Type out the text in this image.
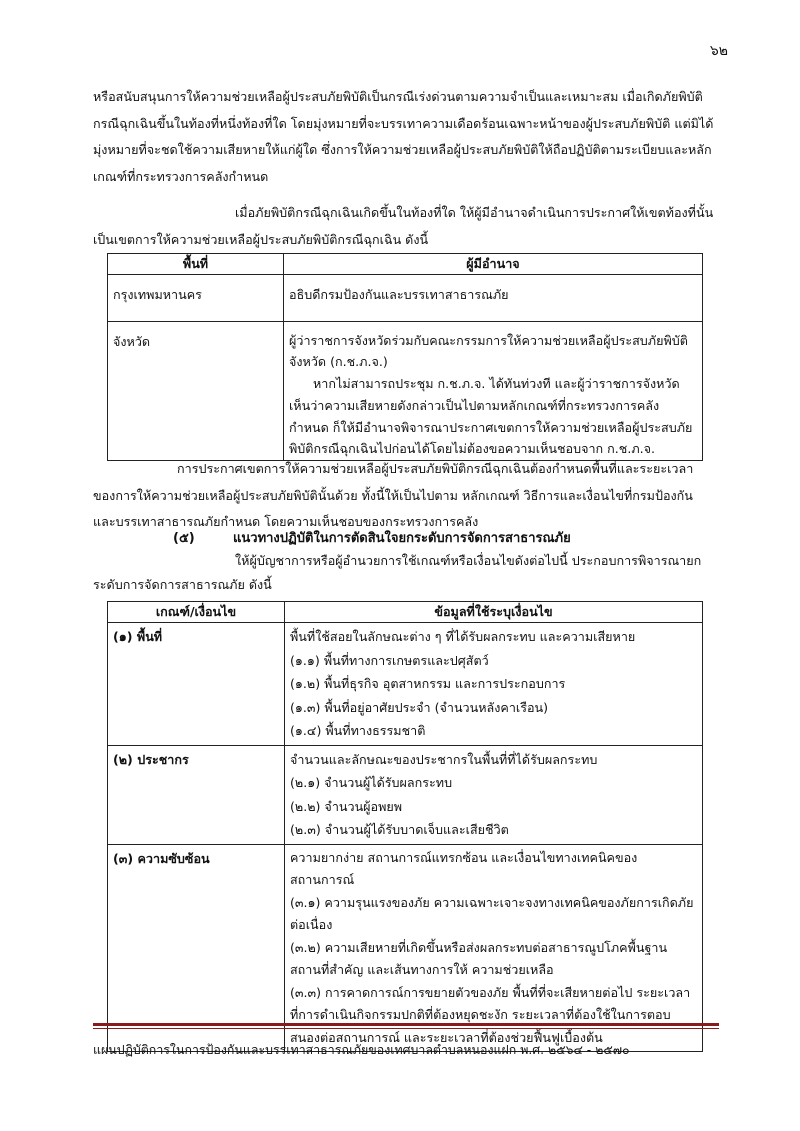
๖๒

หรือสนับสนุนการให้ความช่วยเหลือผู้ประสบภัยพิบัติเป็นกรณีเร่งด่วนตามความจำเป็นและเหมาะสม เมื่อเกิดภัยพิบัติกรณีฉุกเฉินขึ้นในท้องที่หนึ่งท้องที่ใด โดยมุ่งหมายที่จะบรรเทาความเดือดร้อนเฉพาะหน้าของผู้ประสบภัยพิบัติ แต่มิได้มุ่งหมายที่จะชดใช้ความเสียหายให้แก่ผู้ใด ซึ่งการให้ความช่วยเหลือผู้ประสบภัยพิบัติให้ถือปฏิบัติตามระเบียบและหลักเกณฑ์ที่กระทรวงการคลังกำหนด

เมื่อภัยพิบัติกรณีฉุกเฉินเกิดขึ้นในท้องที่ใด ให้ผู้มีอำนาจดำเนินการประกาศให้เขตท้องที่นั้นเป็นเขตการให้ความช่วยเหลือผู้ประสบภัยพิบัติกรณีฉุกเฉิน ดังนี้

พื้นที่	ผู้มีอำนาจ
กรุงเทพมหานคร	อธิบดีกรมป้องกันและบรรเทาสาธารณภัย
จังหวัด	ผู้ว่าราชการจังหวัดร่วมกับคณะกรรมการให้ความช่วยเหลือผู้ประสบภัยพิบัติจังหวัด (ก.ช.ภ.จ.)
หากไม่สามารถประชุม ก.ช.ภ.จ. ได้ทันท่วงที และผู้ว่าราชการจังหวัดเห็นว่าความเสียหายดังกล่าวเป็นไปตามหลักเกณฑ์ที่กระทรวงการคลังกำหนด ก็ให้มีอำนาจพิจารณาประกาศเขตการให้ความช่วยเหลือผู้ประสบภัยพิบัติกรณีฉุกเฉินไปก่อนได้โดยไม่ต้องขอความเห็นชอบจาก ก.ช.ภ.จ.

การประกาศเขตการให้ความช่วยเหลือผู้ประสบภัยพิบัติกรณีฉุกเฉินต้องกำหนดพื้นที่และระยะเวลาของการให้ความช่วยเหลือผู้ประสบภัยพิบัตินั้นด้วย ทั้งนี้ให้เป็นไปตาม หลักเกณฑ์ วิธีการและเงื่อนไขที่กรมป้องกันและบรรเทาสาธารณภัยกำหนด โดยความเห็นชอบของกระทรวงการคลัง

(๕)	แนวทางปฏิบัติในการตัดสินใจยกระดับการจัดการสาธารณภัย

ให้ผู้บัญชาการหรือผู้อำนวยการใช้เกณฑ์หรือเงื่อนไขดังต่อไปนี้ ประกอบการพิจารณายกระดับการจัดการสาธารณภัย ดังนี้

เกณฑ์/เงื่อนไข	ข้อมูลที่ใช้ระบุเงื่อนไข
(๑) พื้นที่	พื้นที่ใช้สอยในลักษณะต่าง ๆ ที่ได้รับผลกระทบ และความเสียหาย
(๑.๑) พื้นที่ทางการเกษตรและปศุสัตว์
(๑.๒) พื้นที่ธุรกิจ อุตสาหกรรม และการประกอบการ
(๑.๓) พื้นที่อยู่อาศัยประจำ (จำนวนหลังคาเรือน)
(๑.๔) พื้นที่ทางธรรมชาติ

(๒) ประชากร	จำนวนและลักษณะของประชากรในพื้นที่ที่ได้รับผลกระทบ
(๒.๑) จำนวนผู้ได้รับผลกระทบ
(๒.๒) จำนวนผู้อพยพ
(๒.๓) จำนวนผู้ได้รับบาดเจ็บและเสียชีวิต

(๓) ความซับซ้อน	ความยากง่าย สถานการณ์แทรกซ้อน และเงื่อนไขทางเทคนิคของสถานการณ์
(๓.๑) ความรุนแรงของภัย ความเฉพาะเจาะจงทางเทคนิคของภัยการเกิดภัยต่อเนื่อง
(๓.๒) ความเสียหายที่เกิดขึ้นหรือส่งผลกระทบต่อสาธารณูปโภคพื้นฐาน สถานที่สำคัญ และเส้นทางการให้ ความช่วยเหลือ
(๓.๓) การคาดการณ์การขยายตัวของภัย พื้นที่ที่จะเสียหายต่อไป ระยะเวลาที่การดำเนินกิจกรรมปกติที่ต้องหยุดชะงัก ระยะเวลาที่ต้องใช้ในการตอบสนองต่อสถานการณ์ และระยะเวลาที่ต้องช่วยฟื้นฟูเบื้องต้น
แผนปฏิบัติการในการป้องกันและบรรเทาสาธารณภัยของเทศบาลตำบลหนองแฝก พ.ศ. ๒๕๖๔ - ๒๕๗๐
